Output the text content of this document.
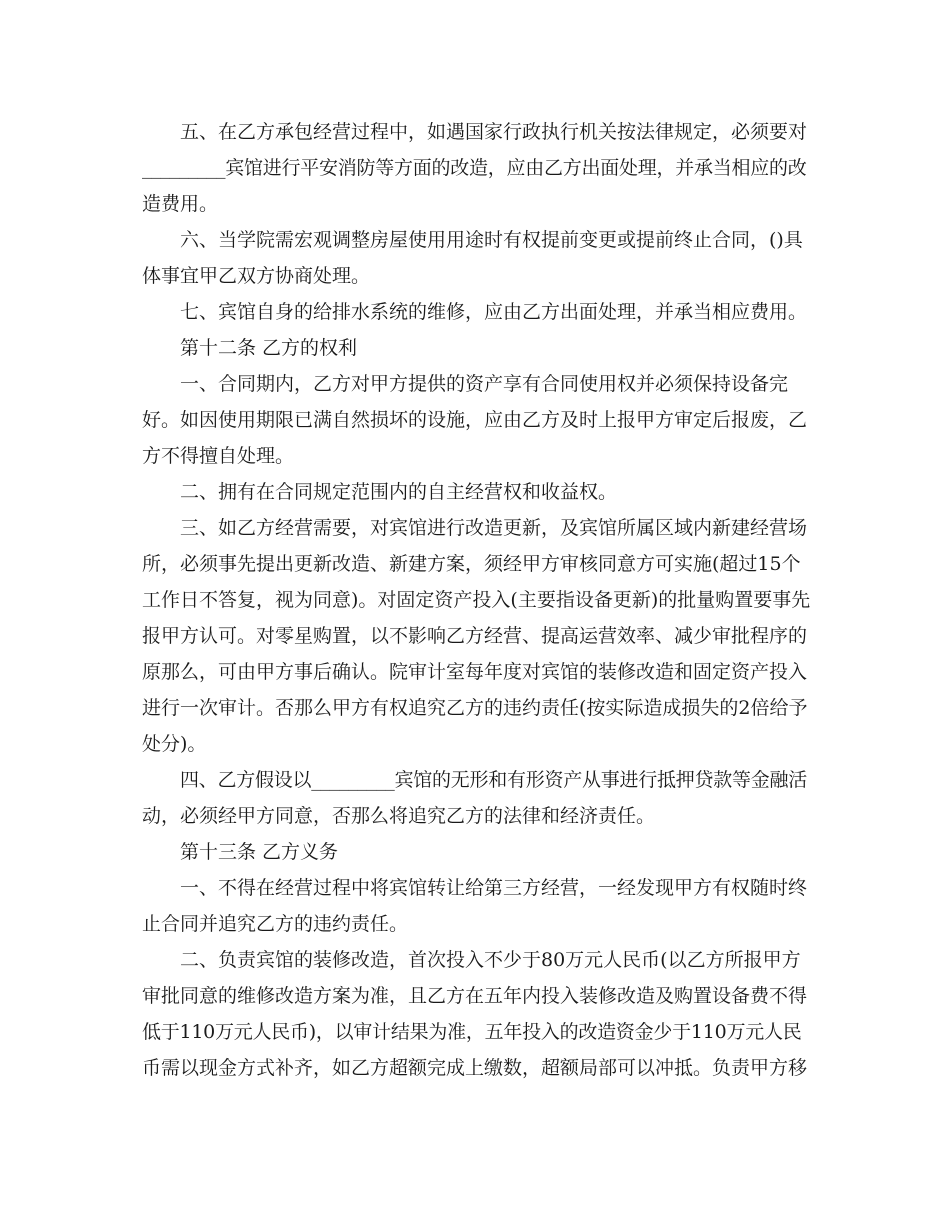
五、在乙方承包经营过程中，如遇国家行政执行机关按法律规定，必须要对
_________宾馆进行平安消防等方面的改造，应由乙方出面处理，并承当相应的改
造费用。
六、当学院需宏观调整房屋使用用途时有权提前变更或提前终止合同，()具
体事宜甲乙双方协商处理。
七、宾馆自身的给排水系统的维修，应由乙方出面处理，并承当相应费用。
第十二条 乙方的权利
一、合同期内，乙方对甲方提供的资产享有合同使用权并必须保持设备完
好。如因使用期限已满自然损坏的设施，应由乙方及时上报甲方审定后报废，乙
方不得擅自处理。
二、拥有在合同规定范围内的自主经营权和收益权。
三、如乙方经营需要，对宾馆进行改造更新，及宾馆所属区域内新建经营场
所，必须事先提出更新改造、新建方案，须经甲方审核同意方可实施(超过15个
工作日不答复，视为同意)。对固定资产投入(主要指设备更新)的批量购置要事先
报甲方认可。对零星购置，以不影响乙方经营、提高运营效率、减少审批程序的
原那么，可由甲方事后确认。院审计室每年度对宾馆的装修改造和固定资产投入
进行一次审计。否那么甲方有权追究乙方的违约责任(按实际造成损失的2倍给予
处分)。
四、乙方假设以_________宾馆的无形和有形资产从事进行抵押贷款等金融活
动，必须经甲方同意，否那么将追究乙方的法律和经济责任。
第十三条 乙方义务
一、不得在经营过程中将宾馆转让给第三方经营，一经发现甲方有权随时终
止合同并追究乙方的违约责任。
二、负责宾馆的装修改造，首次投入不少于80万元人民币(以乙方所报甲方
审批同意的维修改造方案为准，且乙方在五年内投入装修改造及购置设备费不得
低于110万元人民币)，以审计结果为准，五年投入的改造资金少于110万元人民
币需以现金方式补齐，如乙方超额完成上缴数，超额局部可以冲抵。负责甲方移
